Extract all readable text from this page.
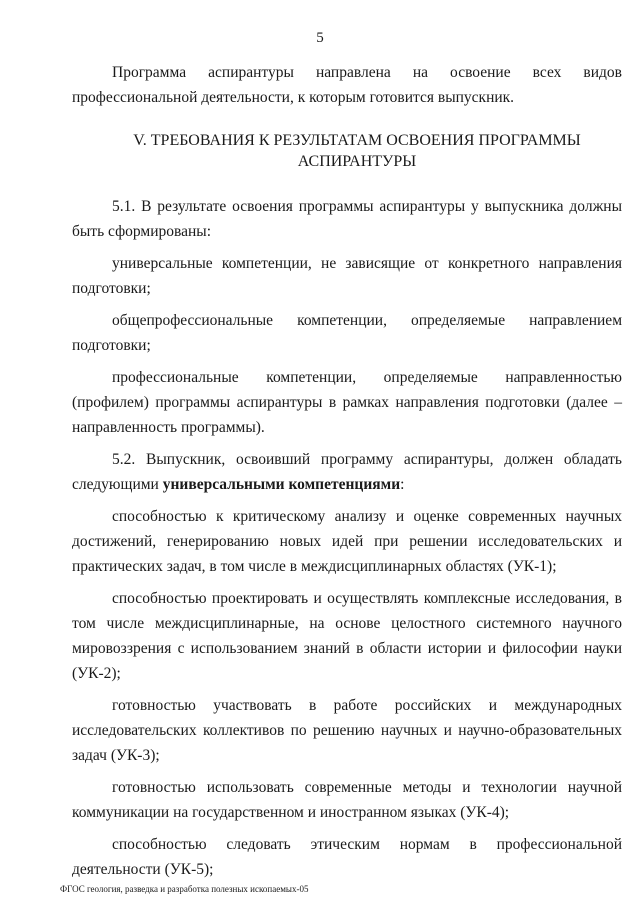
5

Программа аспирантуры направлена на освоение всех видов профессиональной деятельности, к которым готовится выпускник.

V. ТРЕБОВАНИЯ К РЕЗУЛЬТАТАМ ОСВОЕНИЯ ПРОГРАММЫ
АСПИРАНТУРЫ

5.1. В результате освоения программы аспирантуры у выпускника должны быть сформированы:

универсальные компетенции, не зависящие от конкретного направления подготовки;

общепрофессиональные компетенции, определяемые направлением подготовки;

профессиональные компетенции, определяемые направленностью (профилем) программы аспирантуры в рамках направления подготовки (далее – направленность программы).

5.2. Выпускник, освоивший программу аспирантуры, должен обладать следующими универсальными компетенциями:

способностью к критическому анализу и оценке современных научных достижений, генерированию новых идей при решении исследовательских и практических задач, в том числе в междисциплинарных областях (УК-1);

способностью проектировать и осуществлять комплексные исследования, в том числе междисциплинарные, на основе целостного системного научного мировоззрения с использованием знаний в области истории и философии науки (УК-2);

готовностью участвовать в работе российских и международных исследовательских коллективов по решению научных и научно-образовательных задач (УК-3);

готовностью использовать современные методы и технологии научной коммуникации на государственном и иностранном языках (УК-4);

способностью следовать этическим нормам в профессиональной деятельности (УК-5);

ФГОС геология, разведка и разработка полезных ископаемых-05
